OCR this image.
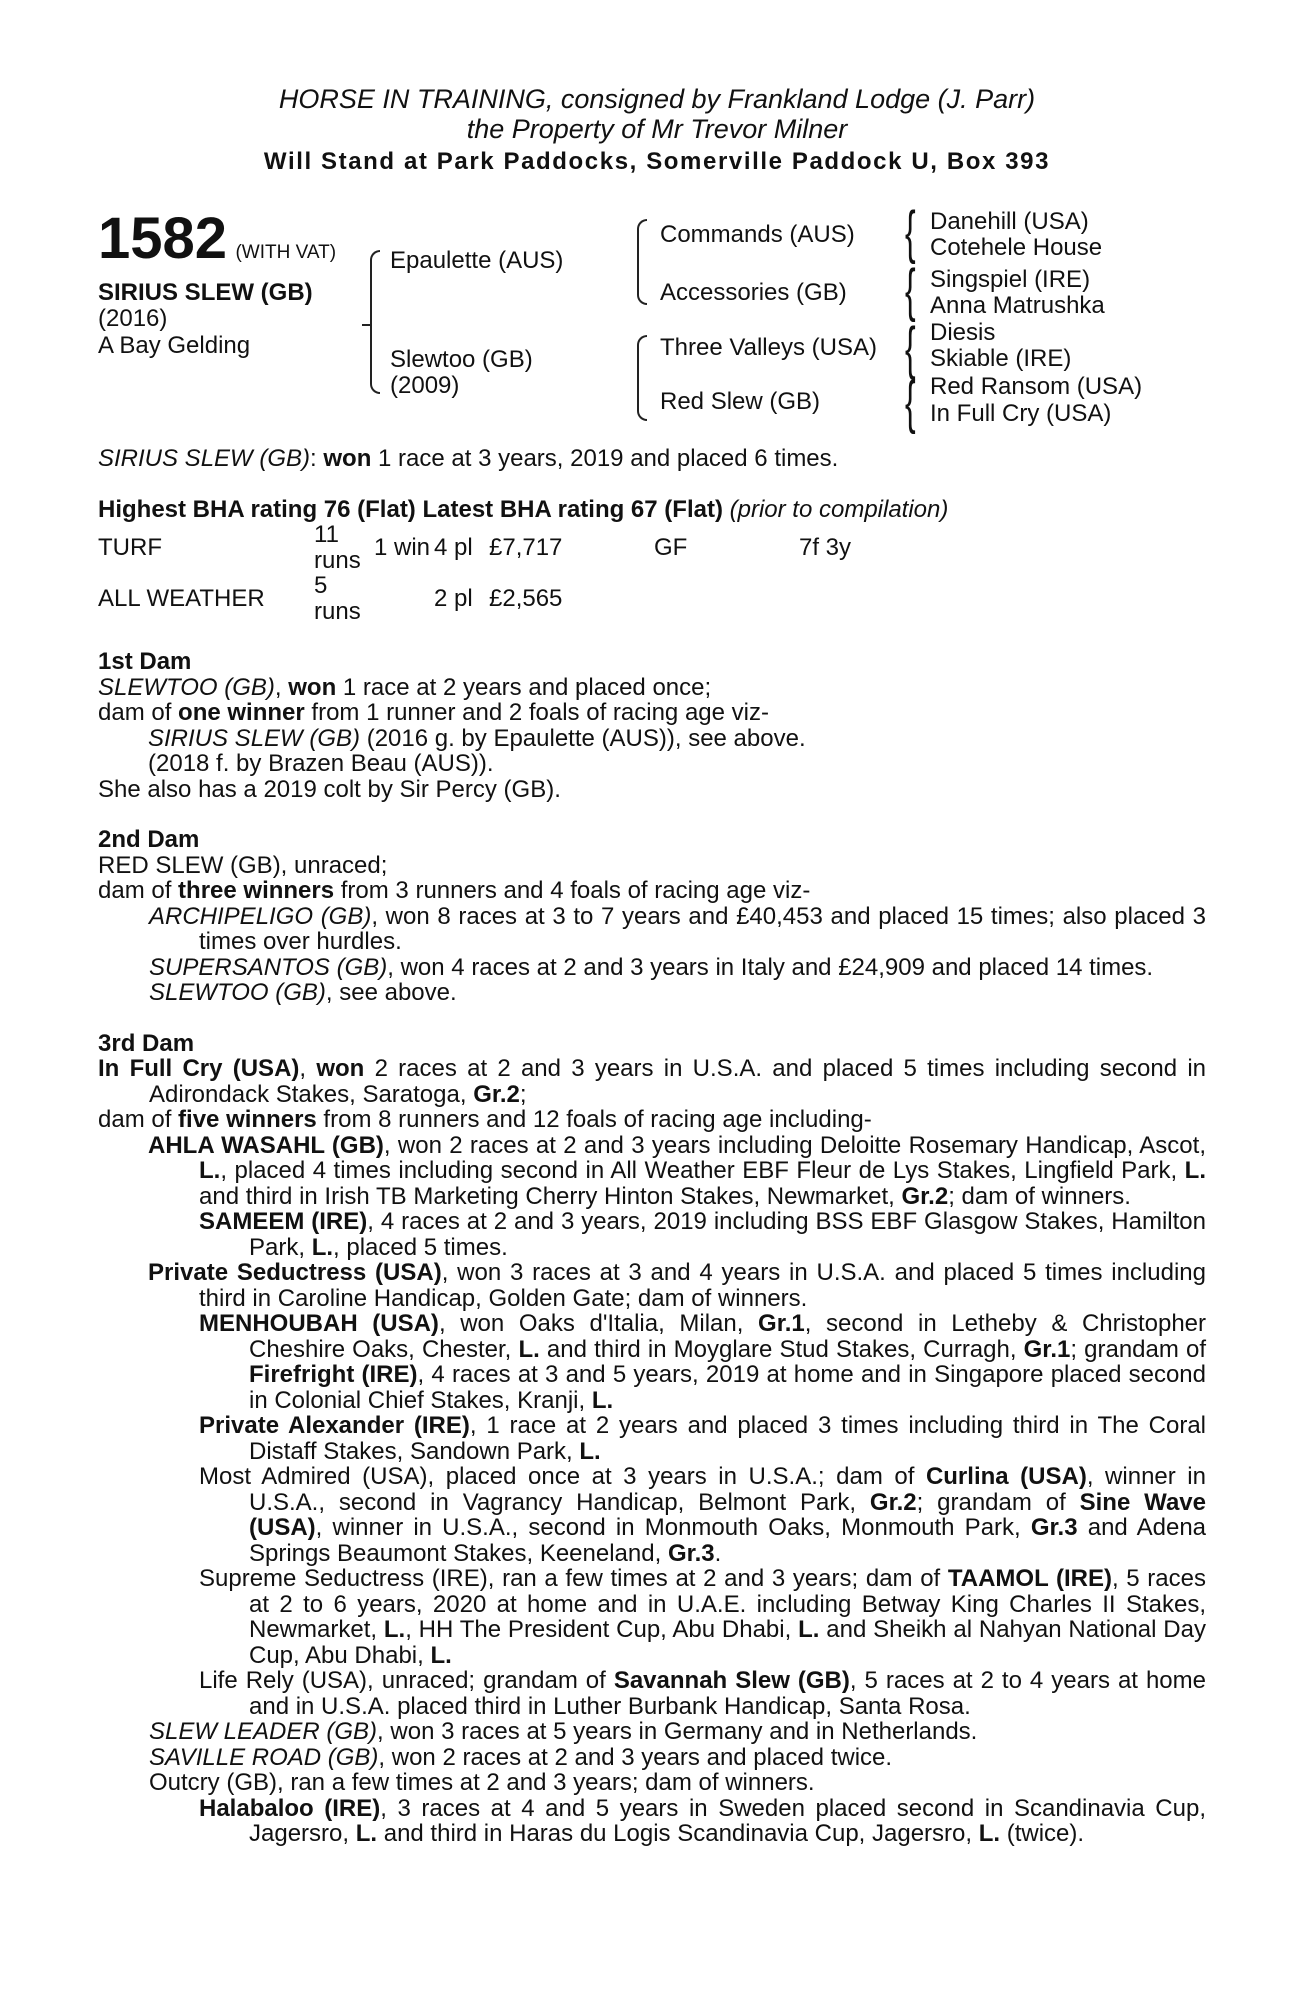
HORSE IN TRAINING, consigned by Frankland Lodge (J. Parr)
the Property of Mr Trevor Milner
Will Stand at Park Paddocks, Somerville Paddock U, Box 393
1582 (WITH VAT)
SIRIUS SLEW (GB)
(2016)
A Bay Gelding
Epaulette (AUS)
Slewtoo (GB)
(2009)
Commands (AUS)
Accessories (GB)
Three Valleys (USA)
Red Slew (GB)
{
{
{
{
Danehill (USA)
Cotehele House
Singspiel (IRE)
Anna Matrushka
Diesis
Skiable (IRE)
Red Ransom (USA)
In Full Cry (USA)

SIRIUS SLEW (GB): won 1 race at 3 years, 2019 and placed 6 times.

Highest BHA rating 76 (Flat) Latest BHA rating 67 (Flat) (prior to compilation)

TURF	11 runs	1 win	4 pl	£7,717	GF	7f 3y
ALL WEATHER	5 runs		2 pl	£2,565		

1st Dam

SLEWTOO (GB), won 1 race at 2 years and placed once;

dam of one winner from 1 runner and 2 foals of racing age viz-

SIRIUS SLEW (GB) (2016 g. by Epaulette (AUS)), see above.

(2018 f. by Brazen Beau (AUS)).

She also has a 2019 colt by Sir Percy (GB).

2nd Dam

RED SLEW (GB), unraced;

dam of three winners from 3 runners and 4 foals of racing age viz-

ARCHIPELIGO (GB), won 8 races at 3 to 7 years and £40,453 and placed 15 times; also placed 3 times over hurdles.

SUPERSANTOS (GB), won 4 races at 2 and 3 years in Italy and £24,909 and placed 14 times.

SLEWTOO (GB), see above.

3rd Dam

In Full Cry (USA), won 2 races at 2 and 3 years in U.S.A. and placed 5 times including second in Adirondack Stakes, Saratoga, Gr.2;

dam of five winners from 8 runners and 12 foals of racing age including-

AHLA WASAHL (GB), won 2 races at 2 and 3 years including Deloitte Rosemary Handicap, Ascot, L., placed 4 times including second in All Weather EBF Fleur de Lys Stakes, Lingfield Park, L. and third in Irish TB Marketing Cherry Hinton Stakes, Newmarket, Gr.2; dam of winners.

SAMEEM (IRE), 4 races at 2 and 3 years, 2019 including BSS EBF Glasgow Stakes, Hamilton Park, L., placed 5 times.

Private Seductress (USA), won 3 races at 3 and 4 years in U.S.A. and placed 5 times including third in Caroline Handicap, Golden Gate; dam of winners.

MENHOUBAH (USA), won Oaks d'Italia, Milan, Gr.1, second in Letheby & Christopher Cheshire Oaks, Chester, L. and third in Moyglare Stud Stakes, Curragh, Gr.1; grandam of Firefright (IRE), 4 races at 3 and 5 years, 2019 at home and in Singapore placed second in Colonial Chief Stakes, Kranji, L.

Private Alexander (IRE), 1 race at 2 years and placed 3 times including third in The Coral Distaff Stakes, Sandown Park, L.

Most Admired (USA), placed once at 3 years in U.S.A.; dam of Curlina (USA), winner in U.S.A., second in Vagrancy Handicap, Belmont Park, Gr.2; grandam of Sine Wave (USA), winner in U.S.A., second in Monmouth Oaks, Monmouth Park, Gr.3 and Adena Springs Beaumont Stakes, Keeneland, Gr.3.

Supreme Seductress (IRE), ran a few times at 2 and 3 years; dam of TAAMOL (IRE), 5 races at 2 to 6 years, 2020 at home and in U.A.E. including Betway King Charles II Stakes, Newmarket, L., HH The President Cup, Abu Dhabi, L. and Sheikh al Nahyan National Day Cup, Abu Dhabi, L.

Life Rely (USA), unraced; grandam of Savannah Slew (GB), 5 races at 2 to 4 years at home and in U.S.A. placed third in Luther Burbank Handicap, Santa Rosa.

SLEW LEADER (GB), won 3 races at 5 years in Germany and in Netherlands.

SAVILLE ROAD (GB), won 2 races at 2 and 3 years and placed twice.

Outcry (GB), ran a few times at 2 and 3 years; dam of winners.

Halabaloo (IRE), 3 races at 4 and 5 years in Sweden placed second in Scandinavia Cup, Jagersro, L. and third in Haras du Logis Scandinavia Cup, Jagersro, L. (twice).
